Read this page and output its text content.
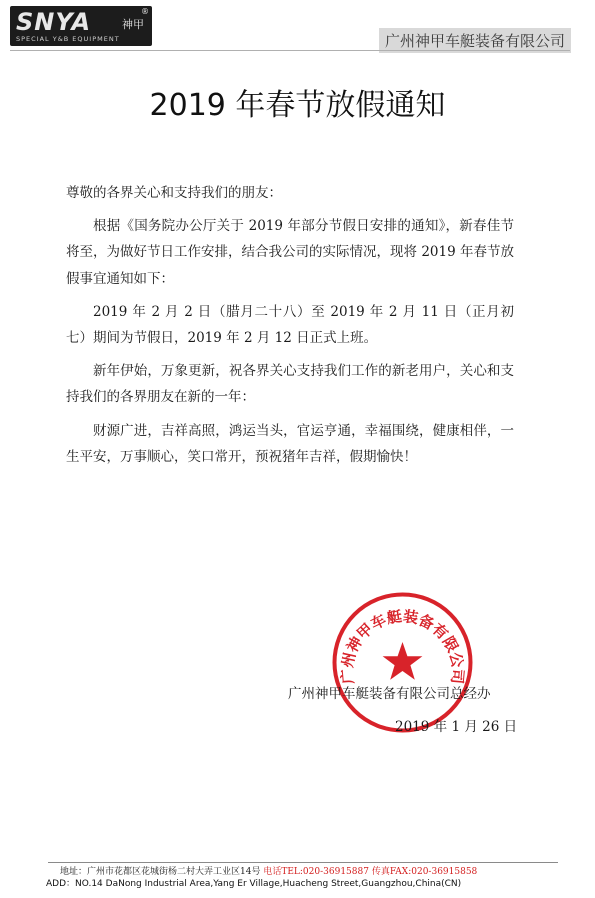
SNYA	神甲
®
SPECIAL Y&B EQUIPMENT	广州神甲车艇装备有限公司
2019 年春节放假通知

尊敬的各界关心和支持我们的朋友：

根据《国务院办公厅关于 2019 年部分节假日安排的通知》，新春佳节将至，为做好节日工作安排，结合我公司的实际情况，现将 2019 年春节放假事宜通知如下：

2019 年 2 月 2 日（腊月二十八）至 2019 年 2 月 11 日（正月初七）期间为节假日，2019 年 2 月 12 日正式上班。

新年伊始，万象更新，祝各界关心支持我们工作的新老用户，关心和支持我们的各界朋友在新的一年：

财源广进，吉祥高照，鸿运当头，官运亨通，幸福围绕，健康相伴，一生平安，万事顺心，笑口常开，预祝猪年吉祥，假期愉快！

广州神甲车艇装备有限公司
广州神甲车艇装备有限公司总经办
2019 年 1 月 26 日
地址：广州市花都区花城街杨二村大弄工业区14号 电话TEL:020-36915887 传真FAX:020-36915858
ADD：NO.14 DaNong Industrial Area,Yang Er Village,Huacheng Street,Guangzhou,China(CN)
